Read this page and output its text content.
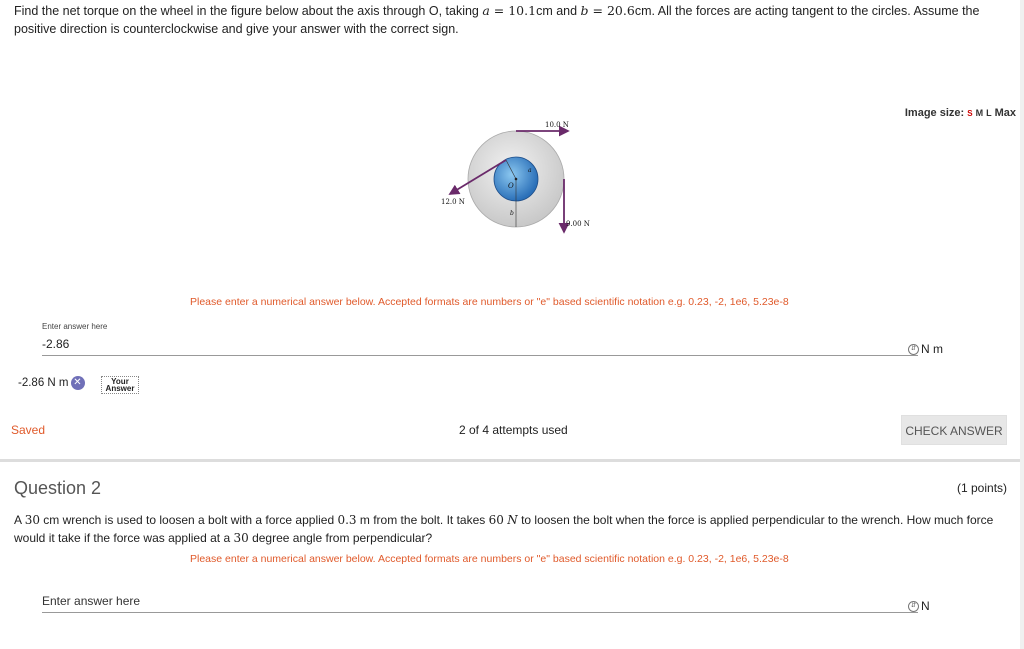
Find the net torque on the wheel in the figure below about the axis through O, taking a = 10.1cm and b = 20.6cm. All the forces are acting tangent to the circles. Assume the positive direction is counterclockwise and give your answer with the correct sign.
Image size: S M L Max
O
a
b
10.0 N
12.0 N
9.00 N
Please enter a numerical answer below. Accepted formats are numbers or "e" based scientific notation e.g. 0.23, -2, 1e6, 5.23e-8
Enter answer here
-2.86	⇵ N m
-2.86 N m ✕	Your Answer
Saved	2 of 4 attempts used	CHECK ANSWER
Question 2	(1 points)
A 30 cm wrench is used to loosen a bolt with a force applied 0.3 m from the bolt. It takes 60 N to loosen the bolt when the force is applied perpendicular to the wrench. How much force would it take if the force was applied at a 30 degree angle from perpendicular?
Please enter a numerical answer below. Accepted formats are numbers or "e" based scientific notation e.g. 0.23, -2, 1e6, 5.23e-8
Enter answer here	⇵ N
